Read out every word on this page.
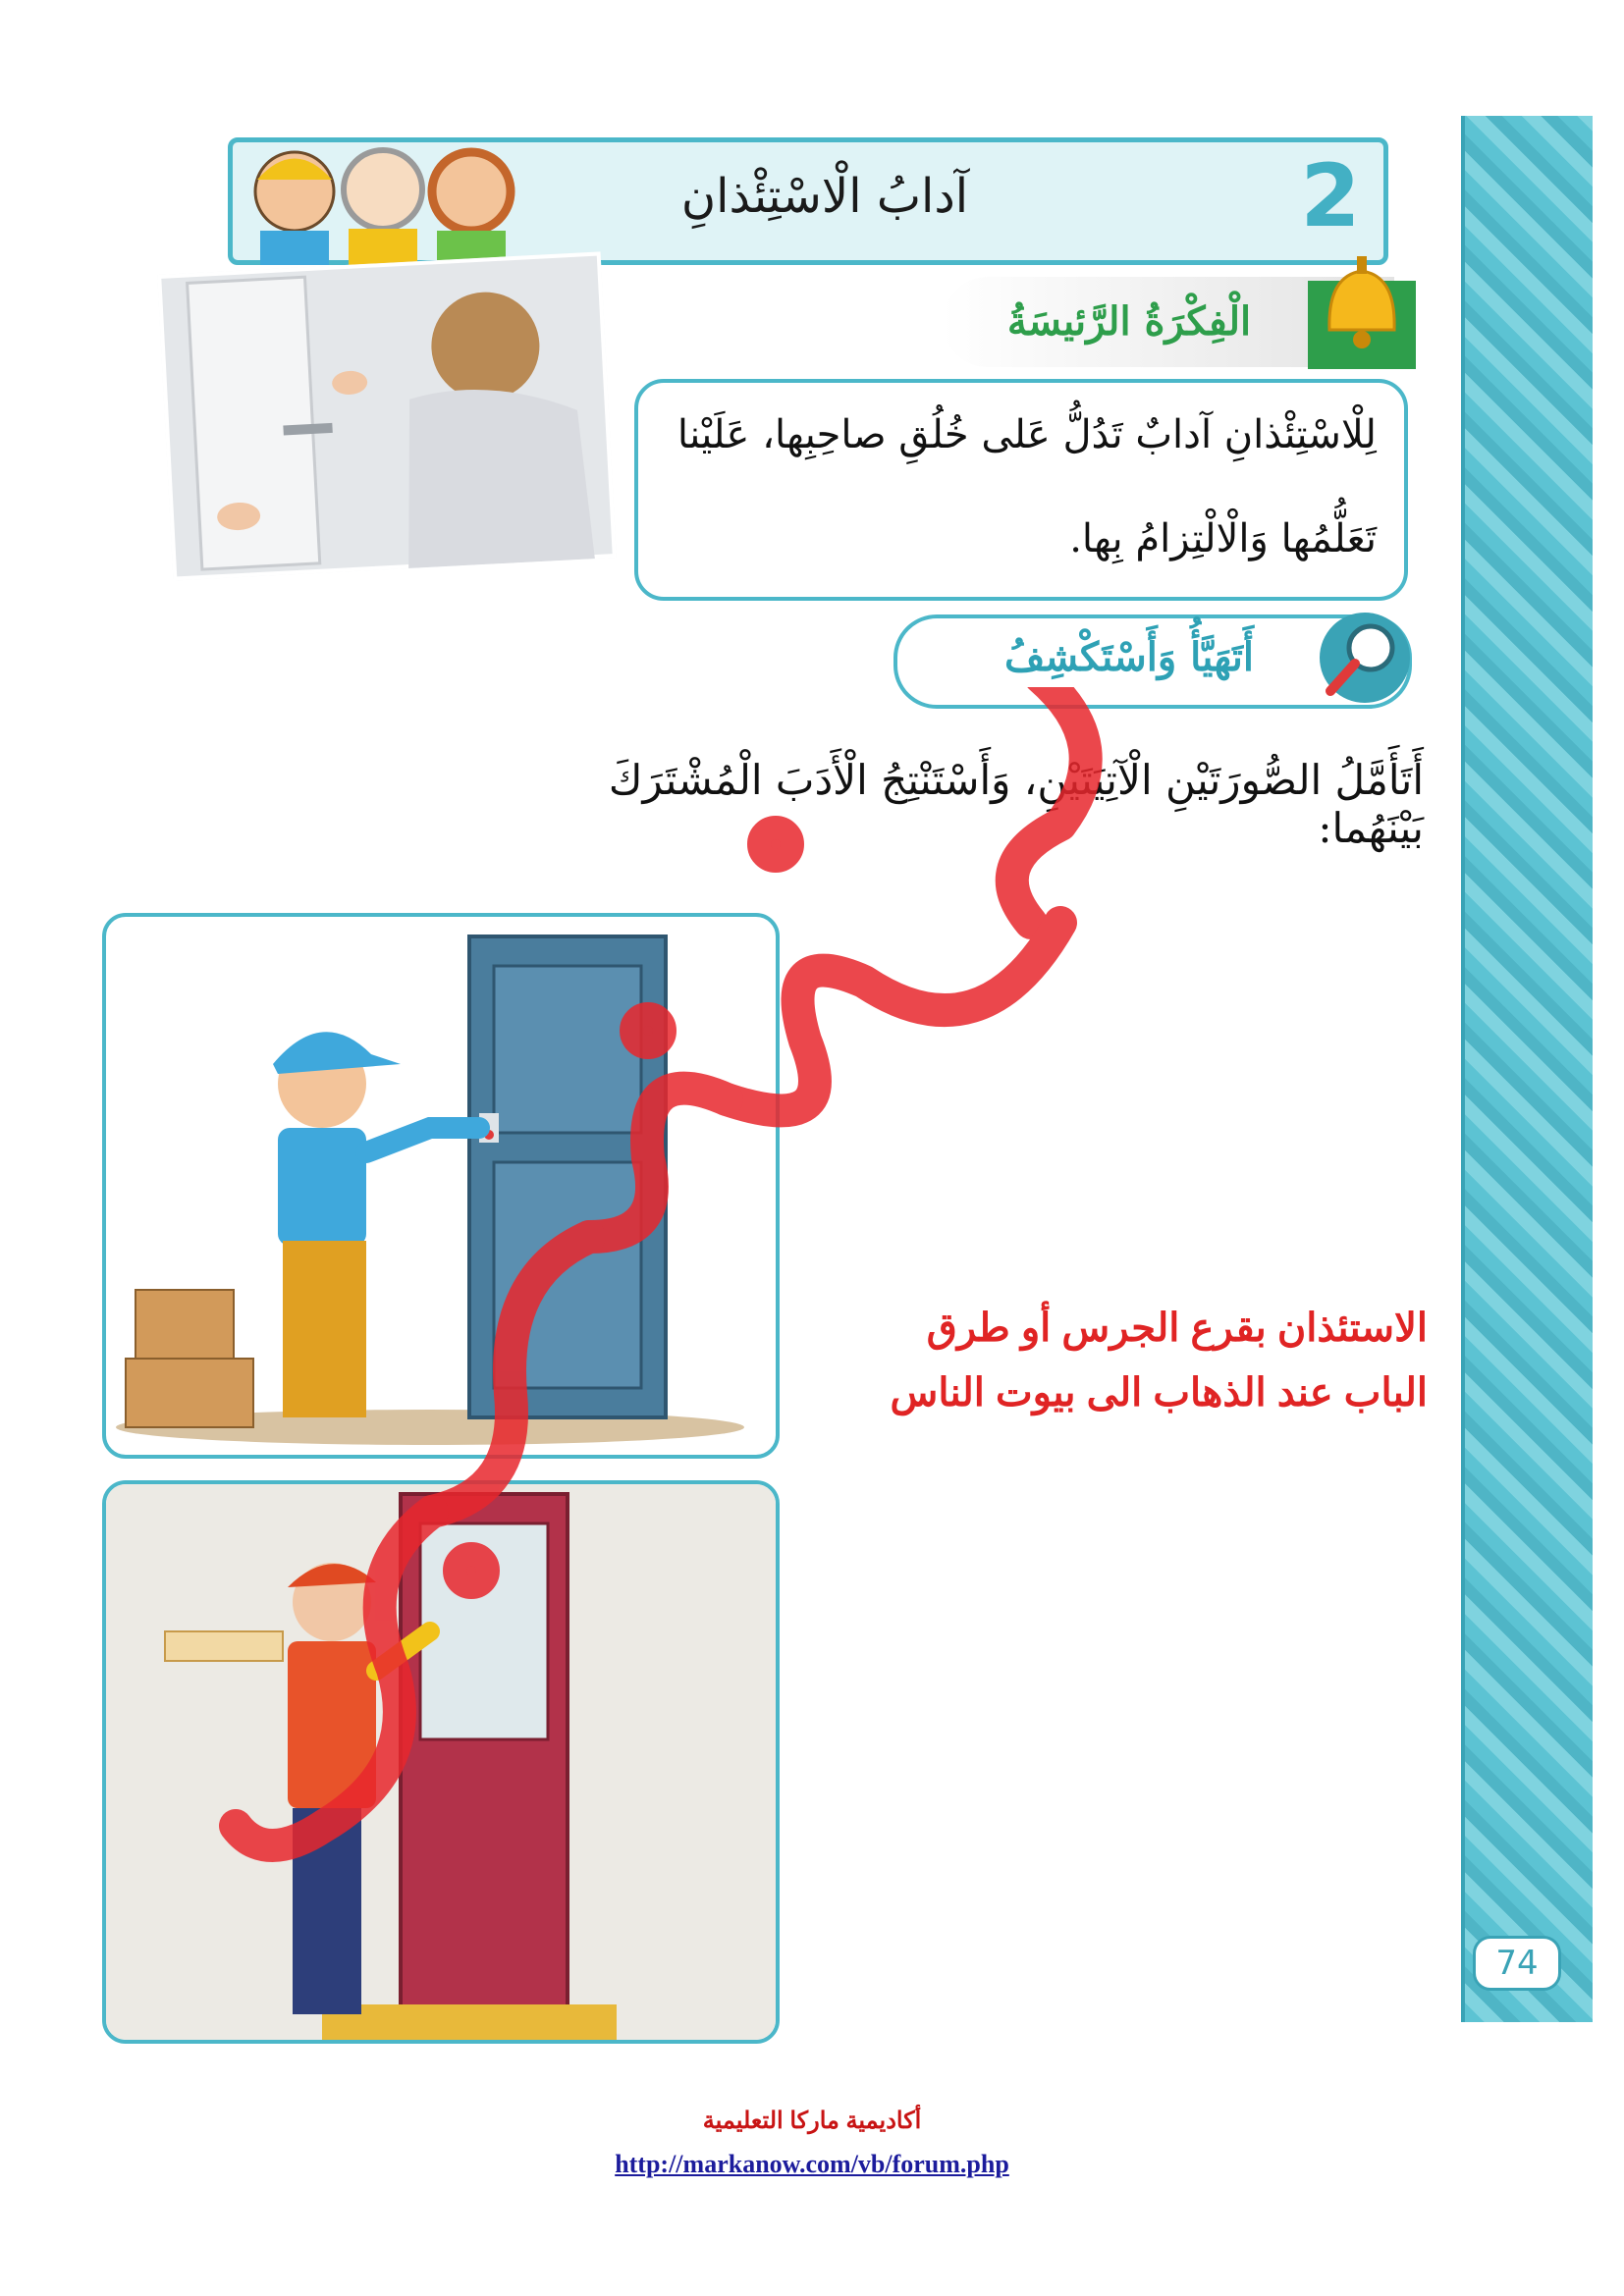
74
آدابُ الْاسْتِئْذانِ	2
الْفِكْرَةُ الرَّئيسَةُ
لِلْاسْتِئْذانِ آدابٌ تَدُلُّ عَلى خُلُقِ صاحِبِها، عَلَيْنا
تَعَلُّمُها وَالْالْتِزامُ بِها.
أَتَهَيَّأُ وَأَسْتَكْشِفُ
أَتَأَمَّلُ الصُّورَتَيْنِ الْآتِيَتَيْنِ، وَأَسْتَنْتِجُ الْأَدَبَ الْمُشْتَرَكَ بَيْنَهُما:
الاستئذان بقرع الجرس أو طرق
الباب عند الذهاب الى بيوت الناس
أكاديمية ماركا التعليمية
http://markanow.com/vb/forum.php
